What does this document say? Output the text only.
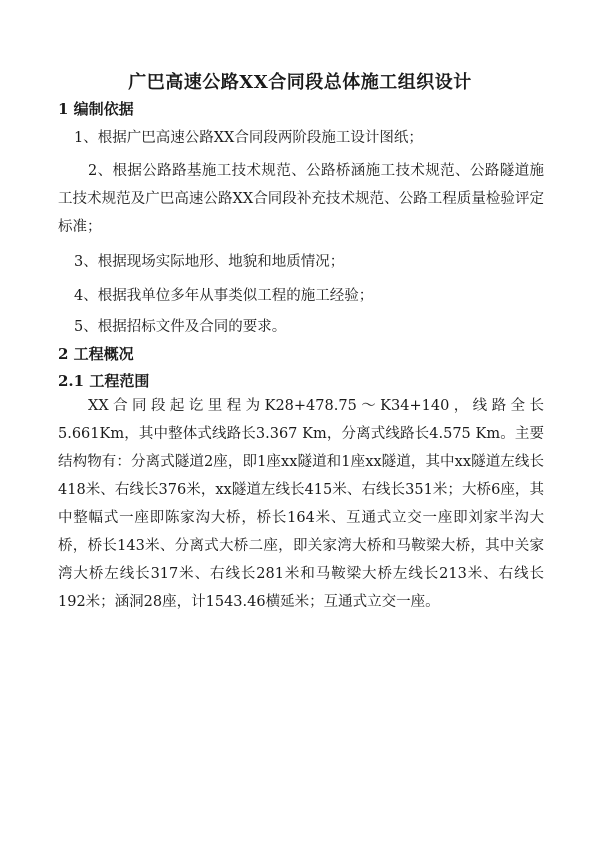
广巴高速公路XX合同段总体施工组织设计
1 编制依据

1、根据广巴高速公路XX合同段两阶段施工设计图纸；

2、根据公路路基施工技术规范、公路桥涵施工技术规范、公路隧道施工技术规范及广巴高速公路XX合同段补充技术规范、公路工程质量检验评定标准；

3、根据现场实际地形、地貌和地质情况；

4、根据我单位多年从事类似工程的施工经验；

5、根据招标文件及合同的要求。

2 工程概况
2.1 工程范围

XX合同段起讫里程为K28+478.75～K34+140，线路全长5.661Km，其中整体式线路长3.367 Km，分离式线路长4.575 Km。主要结构物有：分离式隧道2座，即1座xx隧道和1座xx隧道，其中xx隧道左线长418米、右线长376米，xx隧道左线长415米、右线长351米；大桥6座，其中整幅式一座即陈家沟大桥，桥长164米、互通式立交一座即刘家半沟大桥，桥长143米、分离式大桥二座，即关家湾大桥和马鞍梁大桥，其中关家湾大桥左线长317米、右线长281米和马鞍梁大桥左线长213米、右线长192米；涵洞28座，计1543.46横延米；互通式立交一座。
